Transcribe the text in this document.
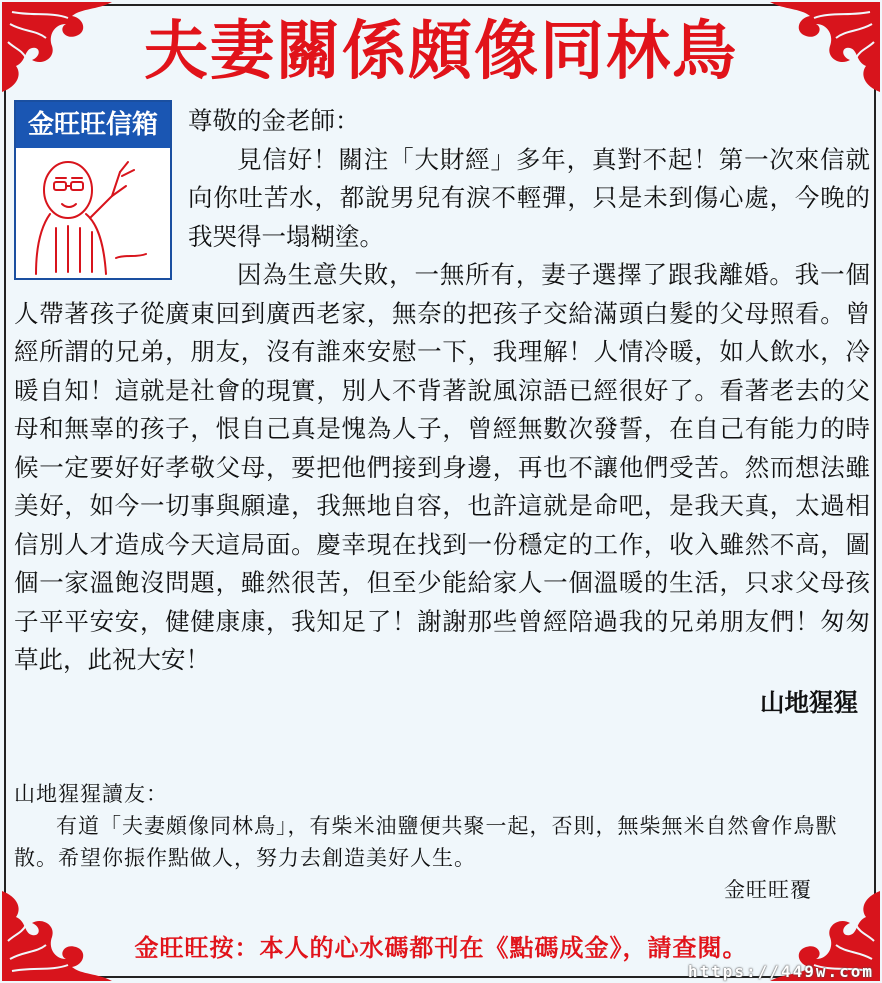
夫妻關係頗像同林鳥
金旺旺信箱	尊敬的金老師：

見信好！關注「大財經」多年，真對不起！第一次來信就向你吐苦水，都說男兒有淚不輕彈，只是未到傷心處，今晚的我哭得一塌糊塗。

因為生意失敗，一無所有，妻子選擇了跟我離婚。我一個人帶著孩子從廣東回到廣西老家，無奈的把孩子交給滿頭白髮的父母照看。曾經所謂的兄弟，朋友，沒有誰來安慰一下，我理解！人情冷暖，如人飲水，冷暖自知！這就是社會的現實，別人不背著說風涼語已經很好了。看著老去的父母和無辜的孩子，恨自己真是愧為人子，曾經無數次發誓，在自己有能力的時候一定要好好孝敬父母，要把他們接到身邊，再也不讓他們受苦。然而想法雖美好，如今一切事與願違，我無地自容，也許這就是命吧，是我天真，太過相信別人才造成今天這局面。慶幸現在找到一份穩定的工作，收入雖然不高，圖個一家溫飽沒問題，雖然很苦，但至少能給家人一個溫暖的生活，只求父母孩子平平安安，健健康康，我知足了！謝謝那些曾經陪過我的兄弟朋友們！匆匆草此，此祝大安！

山地猩猩

山地猩猩讀友：

有道「夫妻頗像同林鳥」，有柴米油鹽便共聚一起，否則，無柴無米自然會作鳥獸散。希望你振作點做人，努力去創造美好人生。

金旺旺覆

金旺旺按：本人的心水碼都刊在《點碼成金》，請查閱。
https://449w.com
